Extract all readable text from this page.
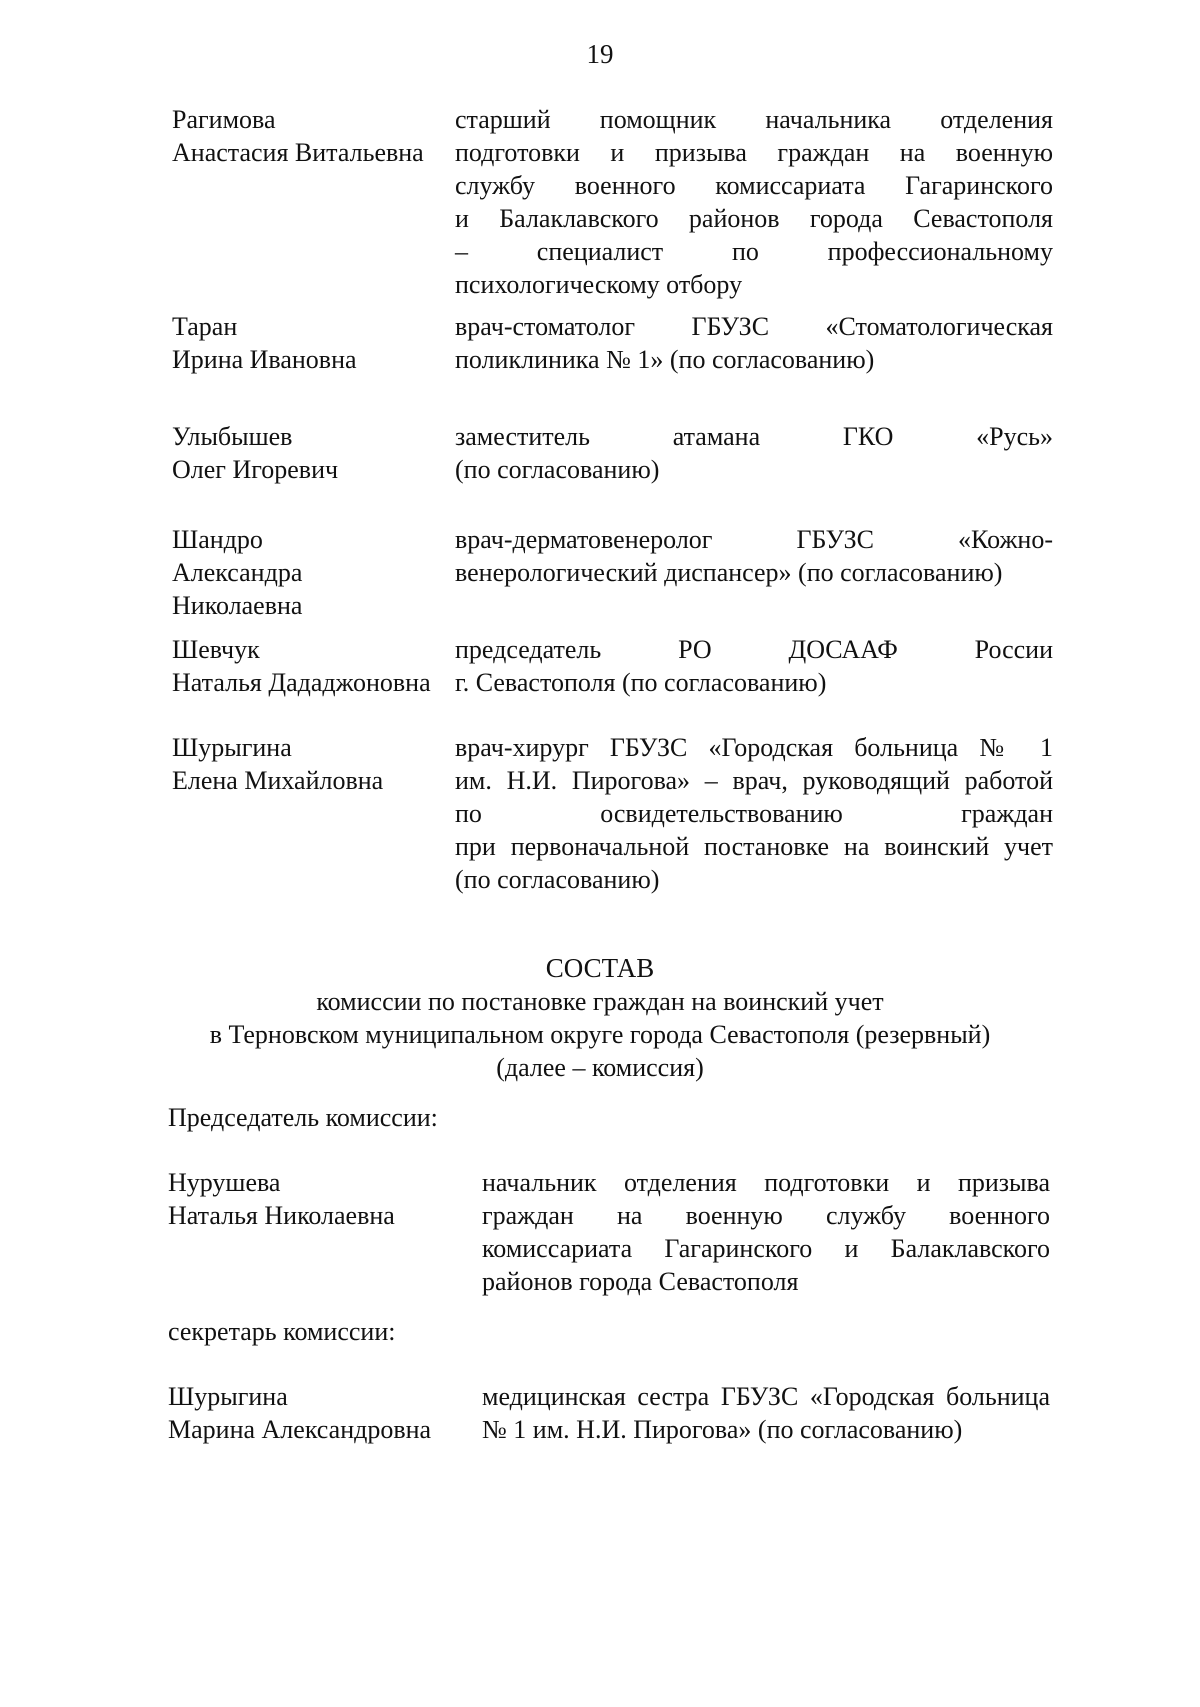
19
Рагимова
Анастасия Витальевна
старший помощник начальника отделения
подготовки и призыва граждан на военную
службу военного комиссариата Гагаринского
и Балаклавского районов города Севастополя
– специалист по профессиональному
психологическому отбору
Таран
Ирина Ивановна
врач-стоматолог ГБУЗС «Стоматологическая
поликлиника № 1» (по согласованию)
Улыбышев
Олег Игоревич
заместитель атамана ГКО «Русь»
(по согласованию)
Шандро
Александра
Николаевна
врач-дерматовенеролог ГБУЗС «Кожно-
венерологический диспансер» (по согласованию)
Шевчук
Наталья Дададжоновна
председатель РО ДОСААФ России
г. Севастополя (по согласованию)
Шурыгина
Елена Михайловна
врач-хирург ГБУЗС «Городская больница № 1
им. Н.И. Пирогова» – врач, руководящий работой
по освидетельствованию граждан
при первоначальной постановке на воинский учет
(по согласованию)
СОСТАВ
комиссии по постановке граждан на воинский учет
в Терновском муниципальном округе города Севастополя (резервный)
(далее – комиссия)
Председатель комиссии:
Нурушева
Наталья Николаевна
начальник отделения подготовки и призыва
граждан на военную службу военного
комиссариата Гагаринского и Балаклавского
районов города Севастополя
секретарь комиссии:
Шурыгина
Марина Александровна
медицинская сестра ГБУЗС «Городская больница
№ 1 им. Н.И. Пирогова» (по согласованию)
